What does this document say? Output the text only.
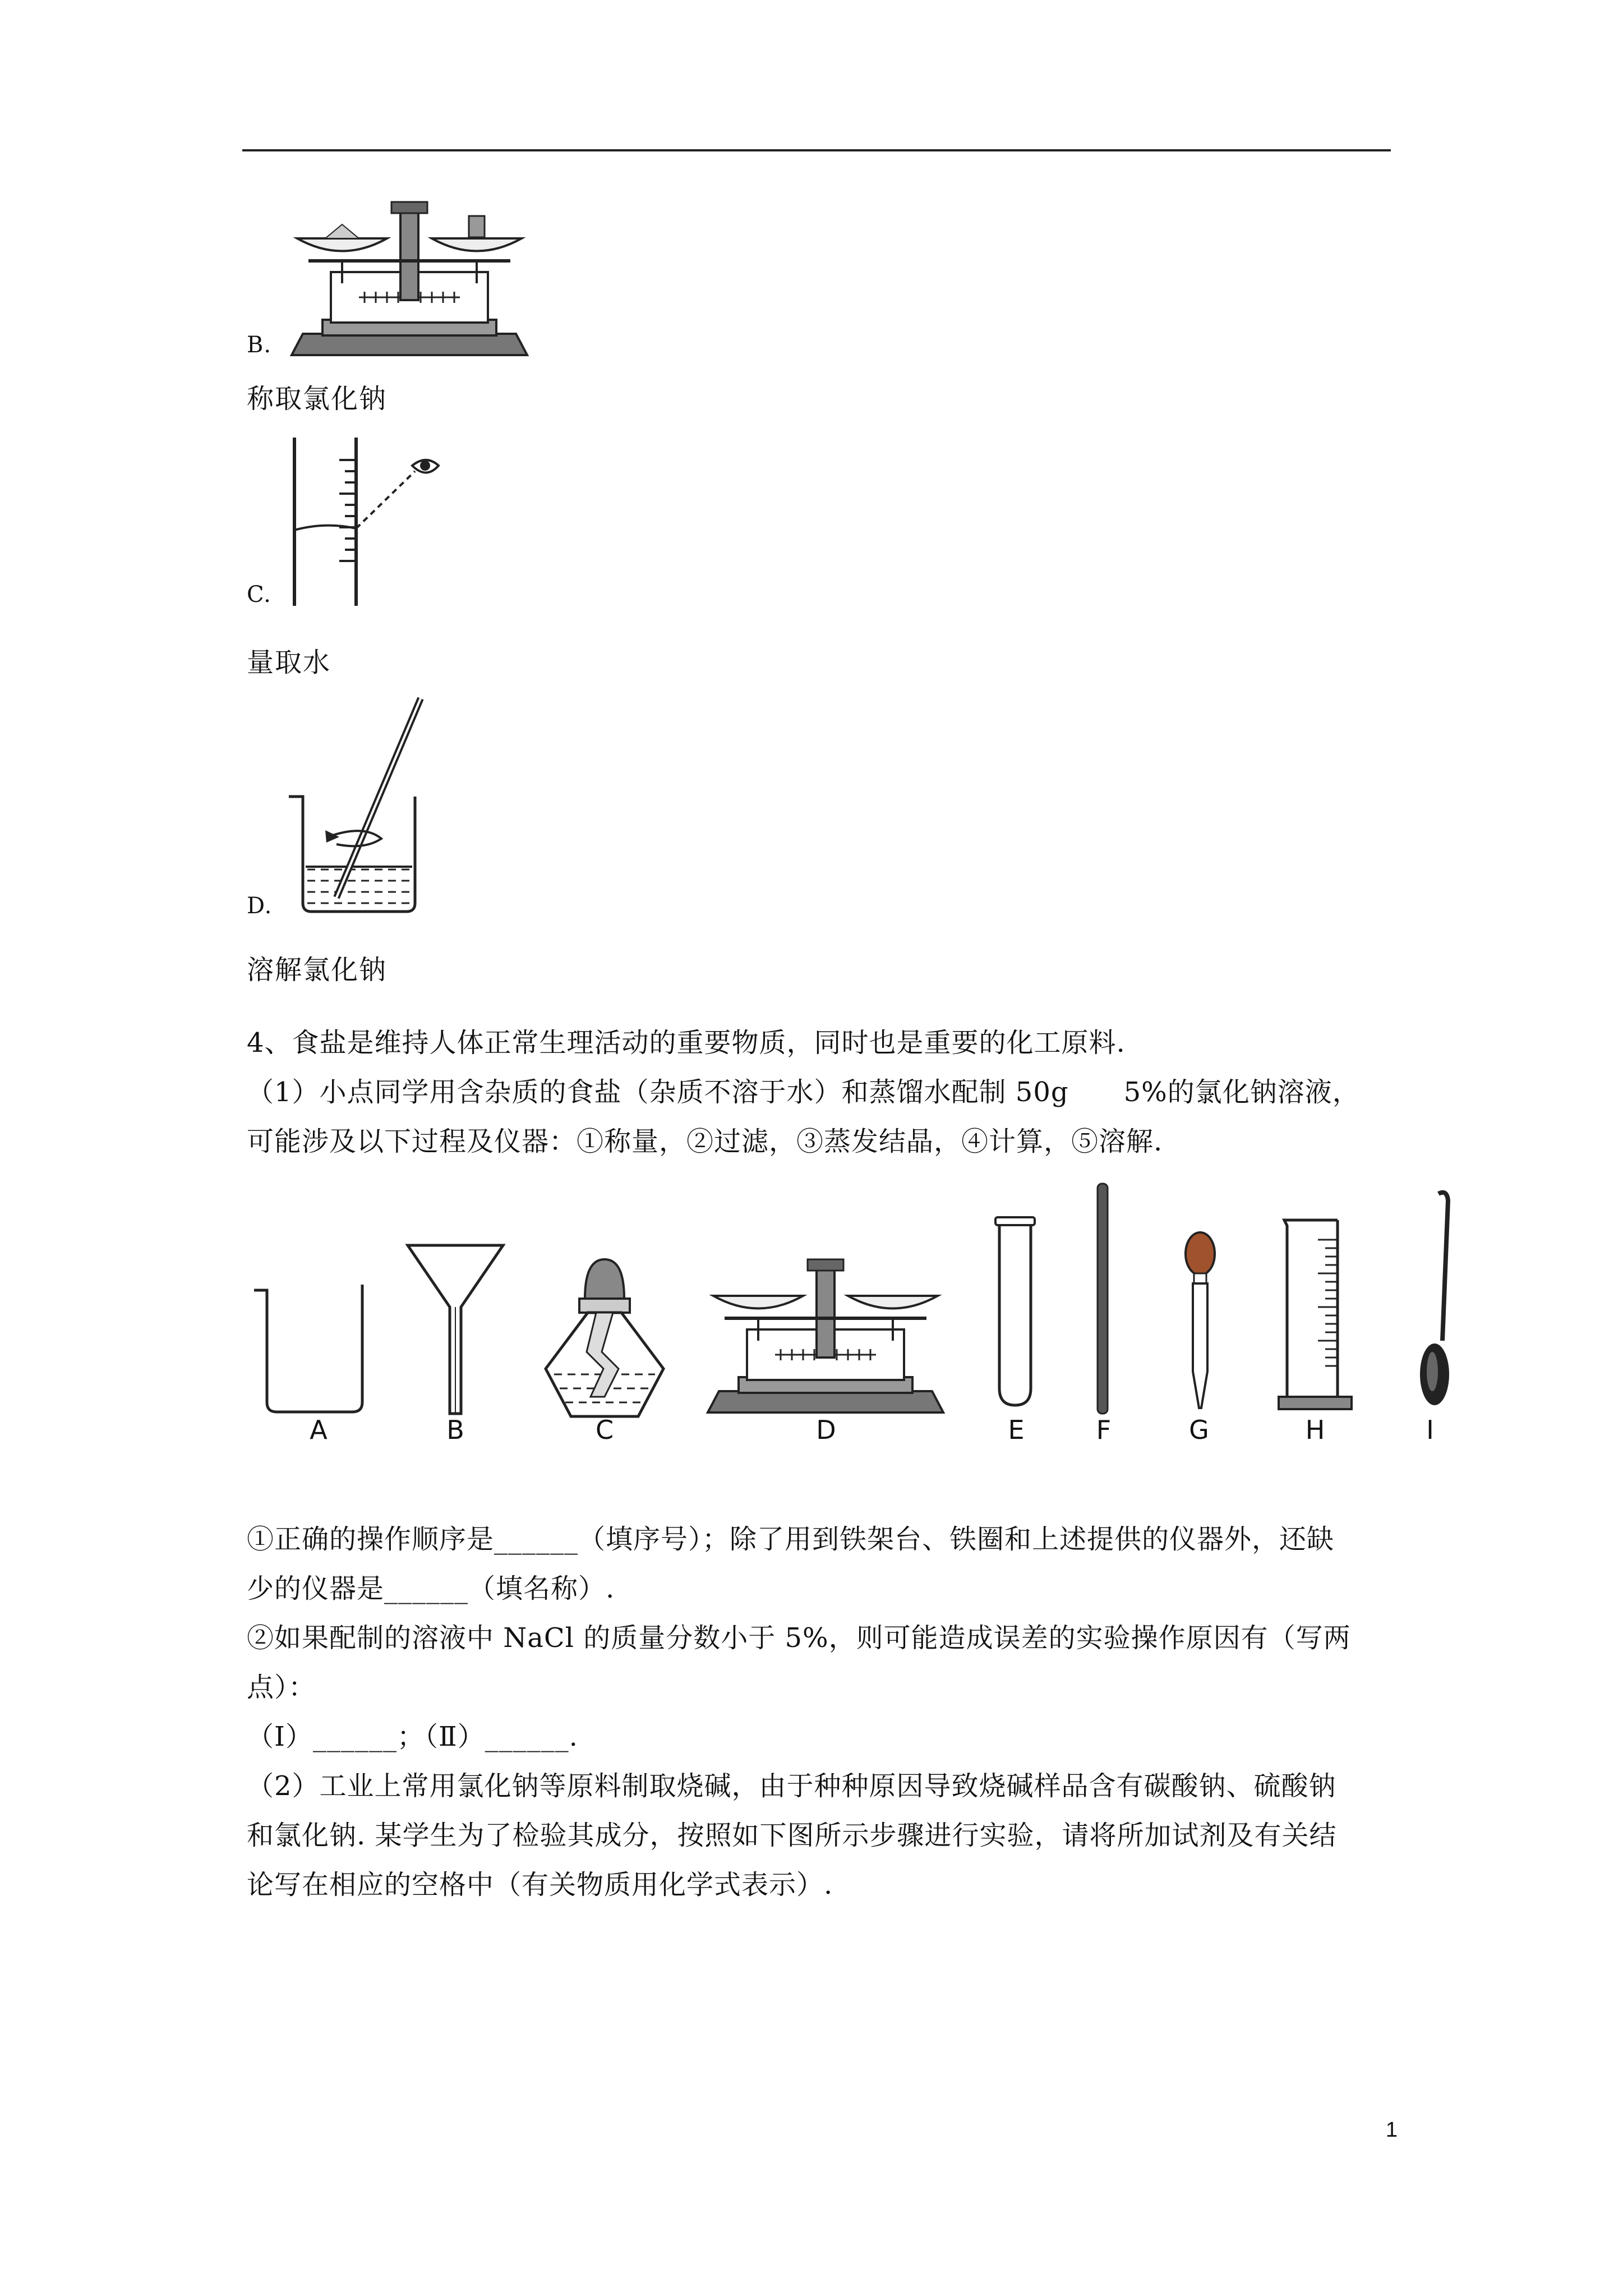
B.
称取氯化钠
C.
量取水
D.
溶解氯化钠
4、食盐是维持人体正常生理活动的重要物质，同时也是重要的化工原料.
（1）小点同学用含杂质的食盐（杂质不溶于水）和蒸馏水配制 50g　　5%的氯化钠溶液，
可能涉及以下过程及仪器：①称量，②过滤，③蒸发结晶，④计算，⑤溶解.
A	B	C	D	E	F	G	H	I
①正确的操作顺序是______（填序号）；除了用到铁架台、铁圈和上述提供的仪器外，还缺
少的仪器是______（填名称）.
②如果配制的溶液中 NaCl 的质量分数小于 5%，则可能造成误差的实验操作原因有（写两
点）：
（Ⅰ）______；（Ⅱ）______.
（2）工业上常用氯化钠等原料制取烧碱，由于种种原因导致烧碱样品含有碳酸钠、硫酸钠
和氯化钠. 某学生为了检验其成分，按照如下图所示步骤进行实验，请将所加试剂及有关结
论写在相应的空格中（有关物质用化学式表示）.
1
